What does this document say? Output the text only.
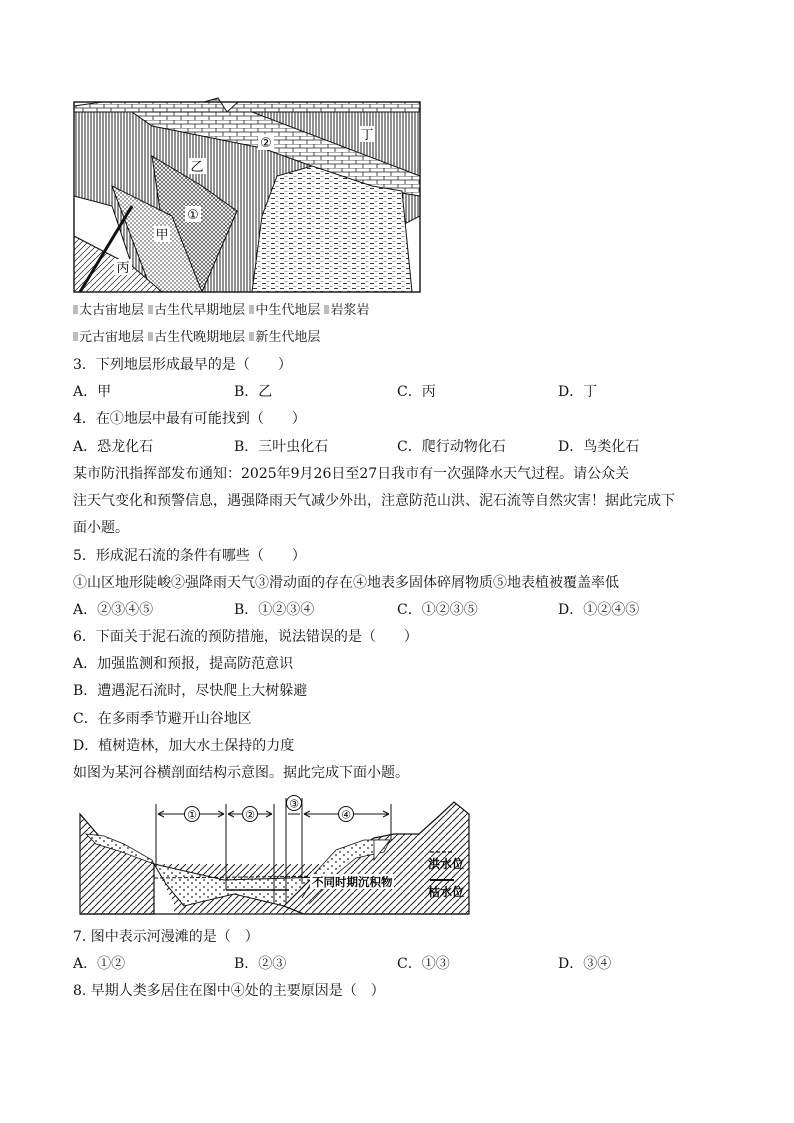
乙
丁
②
①
甲
丙
太古宙地层 古生代早期地层 中生代地层 岩浆岩
元古宙地层 古生代晚期地层 新生代地层
3．下列地层形成最早的是（　　）
A．甲	B．乙	C．丙	D．丁
4．在①地层中最有可能找到（　　）
A．恐龙化石	B．三叶虫化石	C．爬行动物化石	D．鸟类化石
某市防汛指挥部发布通知：2025年9月26日至27日我市有一次强降水天气过程。请公众关
注天气变化和预警信息，遇强降雨天气减少外出，注意防范山洪、泥石流等自然灾害！据此完成下
面小题。
5．形成泥石流的条件有哪些（　　）
①山区地形陡峻②强降雨天气③滑动面的存在④地表多固体碎屑物质⑤地表植被覆盖率低
A．②③④⑤	B．①②③④	C．①②③⑤	D．①②④⑤
6．下面关于泥石流的预防措施，说法错误的是（　　）
A．加强监测和预报，提高防范意识
B．遭遇泥石流时，尽快爬上大树躲避
C．在多雨季节避开山谷地区
D．植树造林，加大水土保持的力度
如图为某河谷横剖面结构示意图。据此完成下面小题。
①	②
③
④
不同时期沉积物
洪水位
枯水位
7. 图中表示河漫滩的是（　）
A．①②	B．②③	C．①③	D．③④
8. 早期人类多居住在图中④处的主要原因是（　）
